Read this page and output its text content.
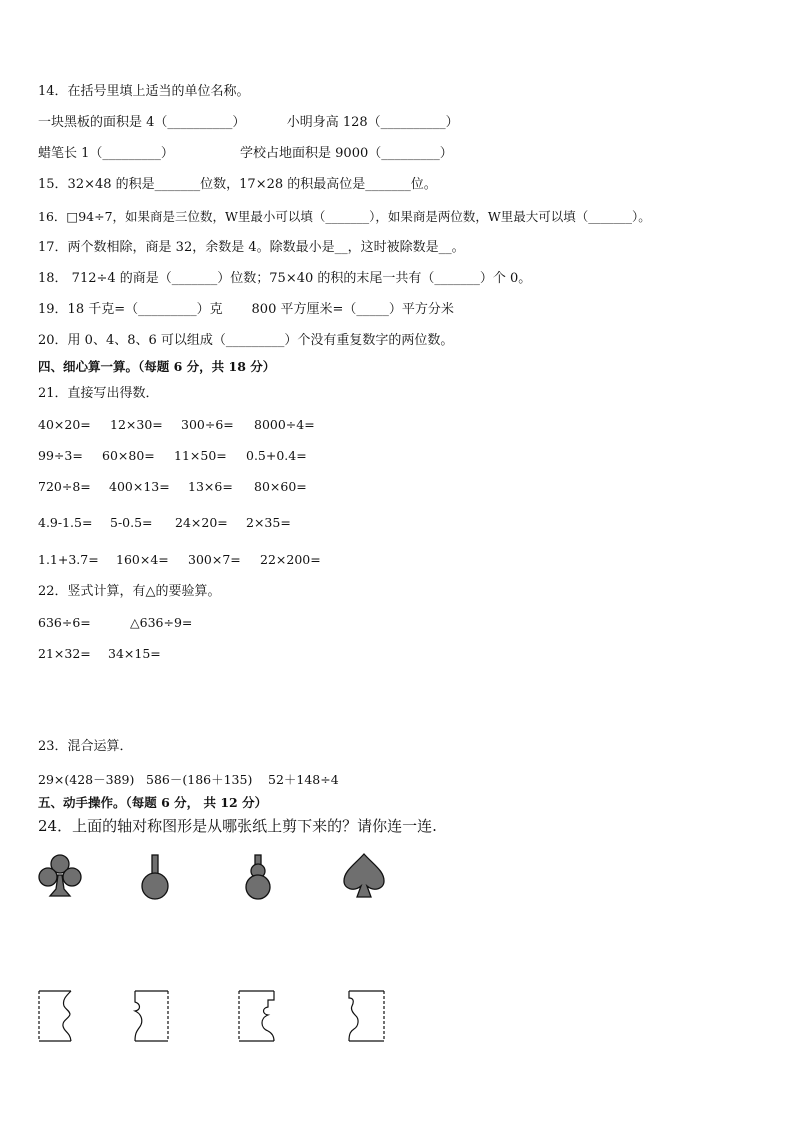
14．在括号里填上适当的单位名称。
一块黑板的面积是 4（__________）          小明身高 128（__________）
蜡笔长 1（_________）                学校占地面积是 9000（_________）
15．32×48 的积是_______位数，17×28 的积最高位是_______位。
16．□94÷7，如果商是三位数，W里最小可以填（_______），如果商是两位数，W里最大可以填（_______）。
17．两个数相除，商是 32，余数是 4。除数最小是__，这时被除数是__。
18． 712÷4 的商是（_______）位数；75×40 的积的末尾一共有（_______）个 0。
19．18 千克=（_________）克       800 平方厘米=（_____）平方分米
20．用 0、4、8、6 可以组成（_________）个没有重复数字的两位数。
四、细心算一算。（每题 6 分，共 18 分）
21．直接写出得数．
40×20= 12×30= 300÷6= 8000÷4=
99÷3= 60×80= 11×50= 0.5+0.4=
720÷8= 400×13= 13×6= 80×60=
4.9-1.5= 5-0.5= 24×20= 2×35=
1.1+3.7= 160×4= 300×7= 22×200=
22．竖式计算，有△的要验算。
636÷6=	△636÷9=
21×32= 34×15=
23．混合运算．
29×(428－389) 586－(186＋135) 52＋148÷4
五、动手操作。（每题 6 分， 共 12 分）
24．上面的轴对称图形是从哪张纸上剪下来的？请你连一连.
